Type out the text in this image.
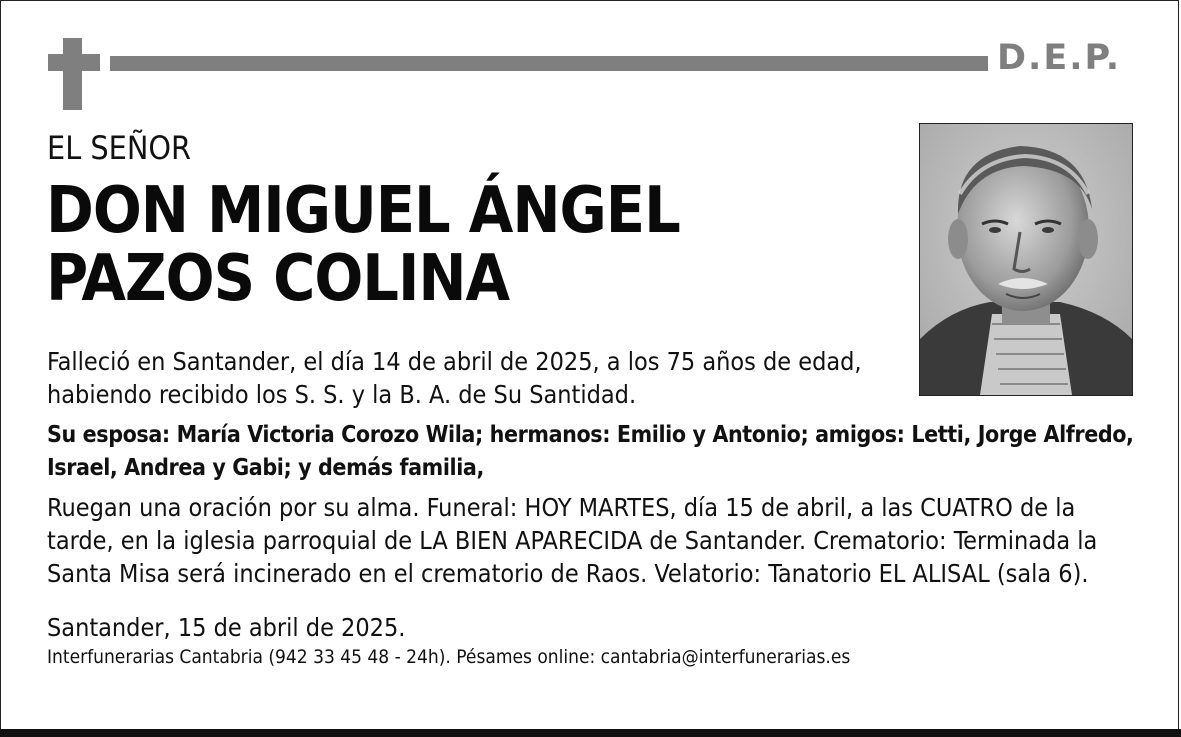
D.E.P.
EL SEÑOR
DON MIGUEL ÁNGEL
PAZOS COLINA
Falleció en Santander, el día 14 de abril de 2025, a los 75 años de edad,
habiendo recibido los S. S. y la B. A. de Su Santidad.
Su esposa: María Victoria Corozo Wila; hermanos: Emilio y Antonio; amigos: Letti, Jorge Alfredo,
Israel, Andrea y Gabi; y demás familia,
Ruegan una oración por su alma. Funeral: HOY MARTES, día 15 de abril, a las CUATRO de la
tarde, en la iglesia parroquial de LA BIEN APARECIDA de Santander. Crematorio: Terminada la
Santa Misa será incinerado en el crematorio de Raos. Velatorio: Tanatorio EL ALISAL (sala 6).
Santander, 15 de abril de 2025.
Interfunerarias Cantabria (942 33 45 48 - 24h). Pésames online: cantabria@interfunerarias.es
